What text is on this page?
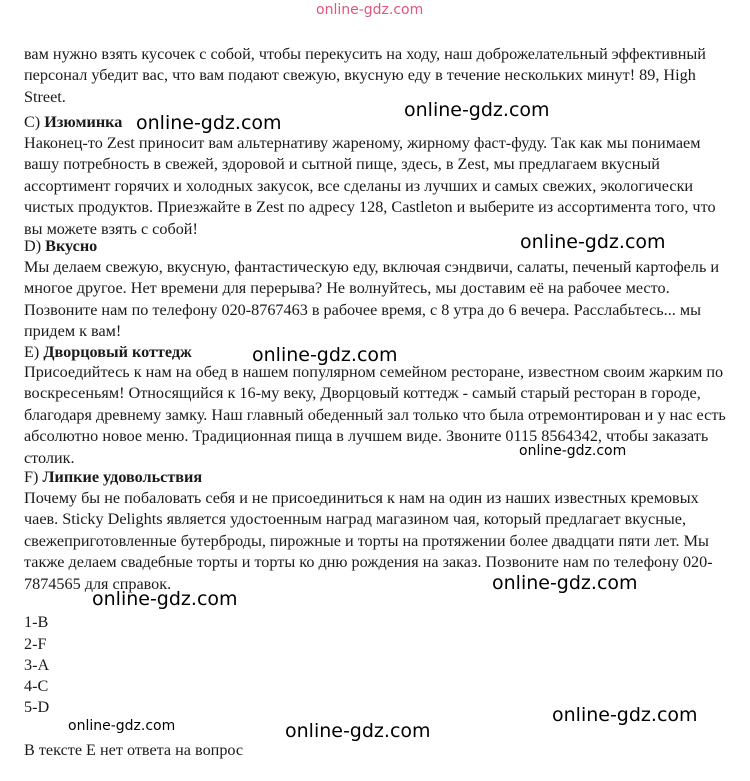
online-gdz.com

вам нужно взять кусочек с собой, чтобы перекусить на ходу, наш доброжелательный эффективный персонал убедит вас, что вам подают свежую, вкусную еду в течение нескольких минут! 89, High Street.

C) Изюминка

Наконец-то Zest приносит вам альтернативу жареному, жирному фаст-фуду. Так как мы понимаем вашу потребность в свежей, здоровой и сытной пище, здесь, в Zest, мы предлагаем вкусный ассортимент горячих и холодных закусок, все сделаны из лучших и самых свежих, экологически чистых продуктов. Приезжайте в Zest по адресу 128, Castleton и выберите из ассортимента того, что вы можете взять с собой!

D) Вкусно

Мы делаем свежую, вкусную, фантастическую еду, включая сэндвичи, салаты, печеный картофель и многое другое. Нет времени для перерыва? Не волнуйтесь, мы доставим её на рабочее место. Позвоните нам по телефону 020-8767463 в рабочее время, с 8 утра до 6 вечера. Расслабьтесь... мы придем к вам!

E) Дворцовый коттедж

Присоедийтесь к нам на обед в нашем популярном семейном ресторане, известном своим жарким по воскресеньям! Относящийся к 16-му веку, Дворцовый коттедж - самый старый ресторан в городе, благодаря древнему замку. Наш главный обеденный зал только что была отремонтирован и у нас есть абсолютно новое меню. Традиционная пища в лучшем виде. Звоните 0115 8564342, чтобы заказать столик.

F) Липкие удовольствия

Почему бы не побаловать себя и не присоединиться к нам на один из наших известных кремовых чаев. Sticky Delights является удостоенным наград магазином чая, который предлагает вкусные, свежеприготовленные бутерброды, пирожные и торты на протяжении более двадцати пяти лет. Мы также делаем свадебные торты и торты ко дню рождения на заказ. Позвоните нам по телефону 020-7874565 для справок.

1-B
2-F
3-A
4-C
5-D
В тексте E нет ответа на вопрос
online-gdz.com
online-gdz.com
online-gdz.com
online-gdz.com
online-gdz.com
online-gdz.com
online-gdz.com
online-gdz.com
online-gdz.com	online-gdz.com
